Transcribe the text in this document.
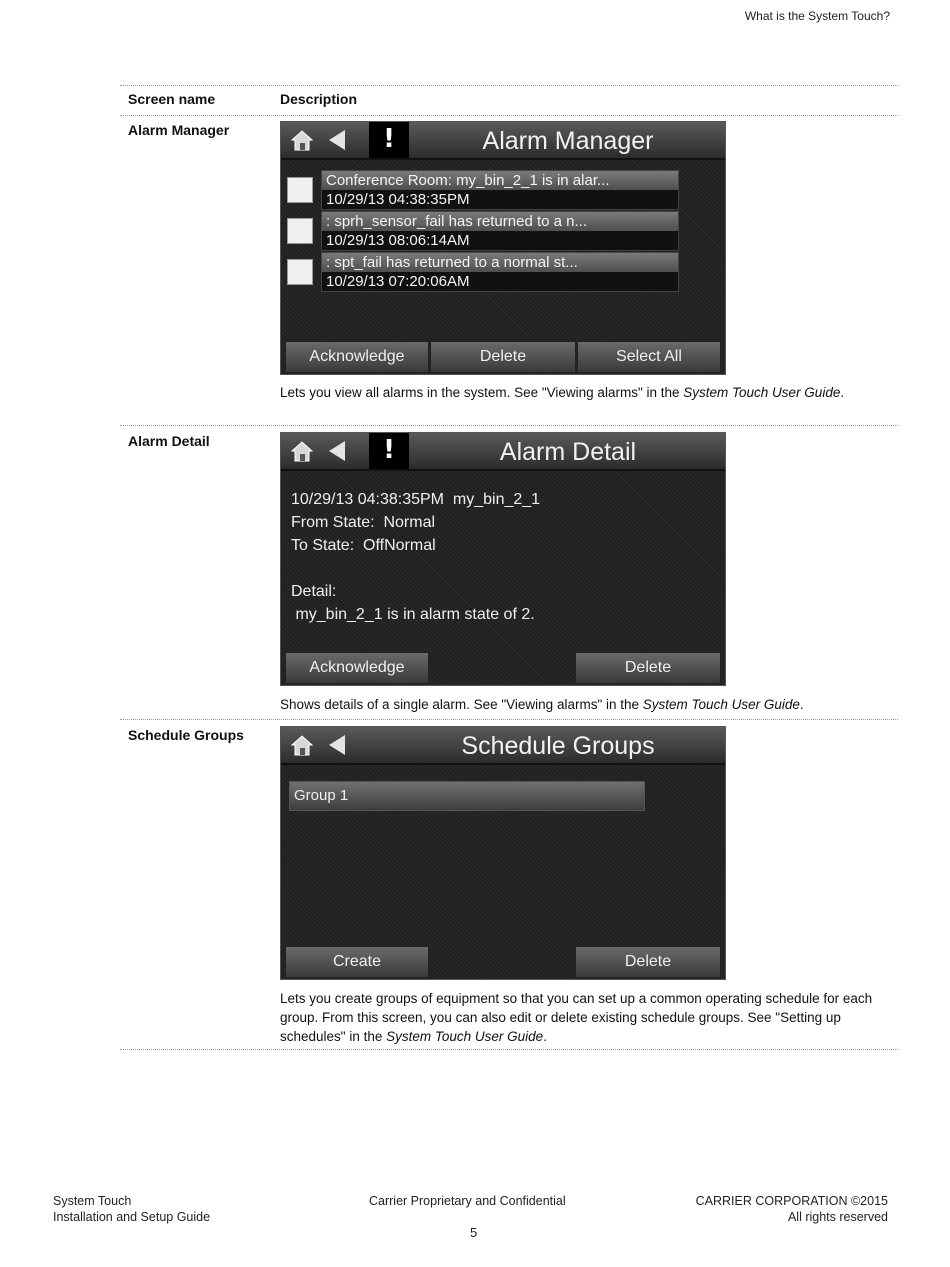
What is the System Touch?
Screen name	Description
Alarm Manager	!	Alarm Manager
Conference Room: my_bin_2_1 is in alar...
10/29/13 04:38:35PM
: sprh_sensor_fail has returned to a n...
10/29/13 08:06:14AM
: spt_fail has returned to a normal st...
10/29/13 07:20:06AM
Acknowledge	Delete	Select All
Lets you view all alarms in the system. See "Viewing alarms" in the System Touch User Guide.
Alarm Detail	!	Alarm Detail
10/29/13 04:38:35PM  my_bin_2_1
From State:  Normal
To State:  OffNormal
Detail:
my_bin_2_1 is in alarm state of 2.
Acknowledge	Delete
Shows details of a single alarm. See "Viewing alarms" in the System Touch User Guide.
Schedule Groups	Schedule Groups
Group 1
Create	Delete
Lets you create groups of equipment so that you can set up a common operating schedule for each group. From this screen, you can also edit or delete existing schedule groups. See "Setting up schedules" in the System Touch User Guide.
System Touch
Installation and Setup Guide
Carrier Proprietary and Confidential	CARRIER CORPORATION ©2015
All rights reserved
5
